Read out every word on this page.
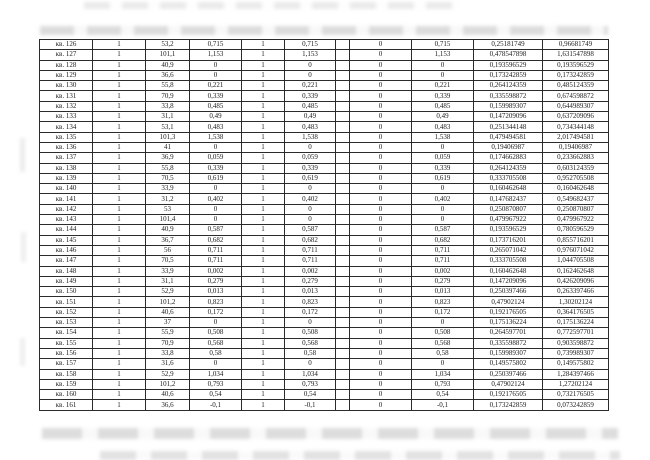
кв. 126	1	53,2	0,715	1	0,715		0	0,715	0,25181749	0,96681749
кв. 127	1	101,1	1,153	1	1,153		0	1,153	0,478547898	1,631547898
кв. 128	1	40,9	0	1	0		0	0	0,193596529	0,193596529
кв. 129	1	36,6	0	1	0		0	0	0,173242859	0,173242859
кв. 130	1	55,8	0,221	1	0,221		0	0,221	0,264124359	0,485124359
кв. 131	1	70,9	0,339	1	0,339		0	0,339	0,335598872	0,674598872
кв. 132	1	33,8	0,485	1	0,485		0	0,485	0,159989307	0,644989307
кв. 133	1	31,1	0,49	1	0,49		0	0,49	0,147209096	0,637209096
кв. 134	1	53,1	0,483	1	0,483		0	0,483	0,251344148	0,734344148
кв. 135	1	101,3	1,538	1	1,538		0	1,538	0,479494581	2,017494581
кв. 136	1	41	0	1	0		0	0	0,19406987	0,19406987
кв. 137	1	36,9	0,059	1	0,059		0	0,059	0,174662883	0,233662883
кв. 138	1	55,8	0,339	1	0,339		0	0,339	0,264124359	0,603124359
кв. 139	1	70,5	0,619	1	0,619		0	0,619	0,333705508	0,952705508
кв. 140	1	33,9	0	1	0		0	0	0,160462648	0,160462648
кв. 141	1	31,2	0,402	1	0,402		0	0,402	0,147682437	0,549682437
кв. 142	1	53	0	1	0		0	0	0,250870807	0,250870807
кв. 143	1	101,4	0	1	0		0	0	0,479967922	0,479967922
кв. 144	1	40,9	0,587	1	0,587		0	0,587	0,193596529	0,780596529
кв. 145	1	36,7	0,682	1	0,682		0	0,682	0,173716201	0,855716201
кв. 146	1	56	0,711	1	0,711		0	0,711	0,265071042	0,976071042
кв. 147	1	70,5	0,711	1	0,711		0	0,711	0,333705508	1,044705508
кв. 148	1	33,9	0,002	1	0,002		0	0,002	0,160462648	0,162462648
кв. 149	1	31,1	0,279	1	0,279		0	0,279	0,147209096	0,426209096
кв. 150	1	52,9	0,013	1	0,013		0	0,013	0,250397466	0,263397466
кв. 151	1	101,2	0,823	1	0,823		0	0,823	0,47902124	1,30202124
кв. 152	1	40,6	0,172	1	0,172		0	0,172	0,192176505	0,364176505
кв. 153	1	37	0	1	0		0	0	0,175136224	0,175136224
кв. 154	1	55,9	0,508	1	0,508		0	0,508	0,264597701	0,772597701
кв. 155	1	70,9	0,568	1	0,568		0	0,568	0,335598872	0,903598872
кв. 156	1	33,8	0,58	1	0,58		0	0,58	0,159989307	0,739989307
кв. 157	1	31,6	0	1	0		0	0	0,149575802	0,149575802
кв. 158	1	52,9	1,034	1	1,034		0	1,034	0,250397466	1,284397466
кв. 159	1	101,2	0,793	1	0,793		0	0,793	0,47902124	1,27202124
кв. 160	1	40,6	0,54	1	0,54		0	0,54	0,192176505	0,732176505
кв. 161	1	36,6	-0,1	1	-0,1		0	-0,1	0,173242859	0,073242859
